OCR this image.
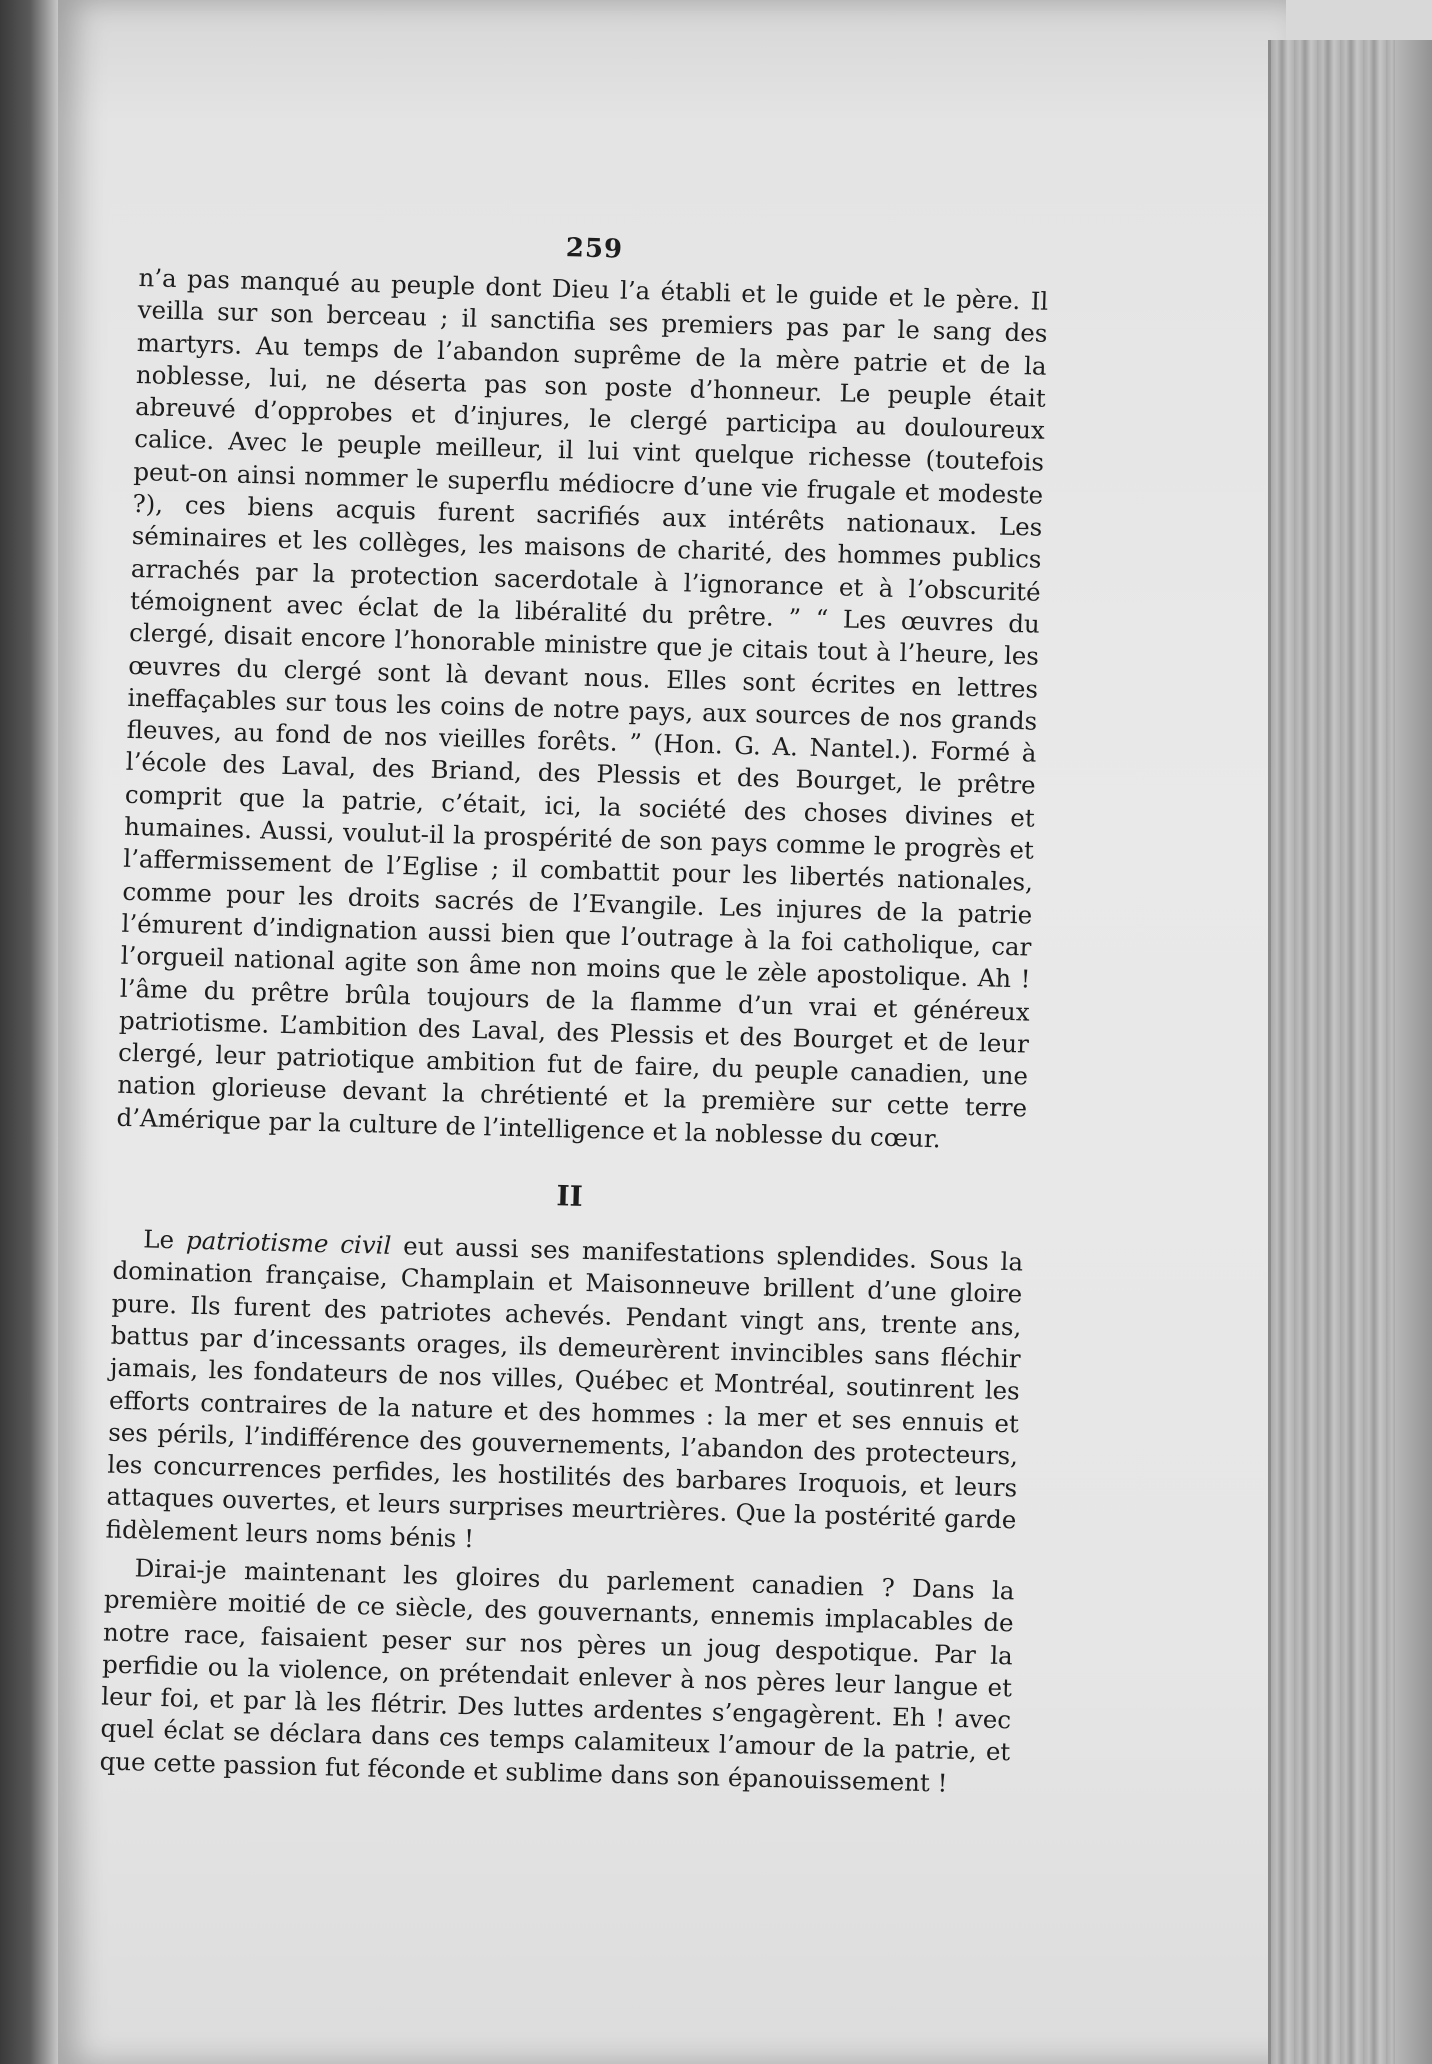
259

n’a pas manqué au peuple dont Dieu l’a établi et le guide et le père. Il veilla sur son berceau ; il sanctifia ses premiers pas par le sang des martyrs. Au temps de l’abandon suprême de la mère patrie et de la noblesse, lui, ne déserta pas son poste d’honneur. Le peuple était abreuvé d’opprobes et d’injures, le clergé participa au douloureux calice. Avec le peuple meilleur, il lui vint quelque richesse (toutefois peut-on ainsi nommer le superflu médiocre d’une vie frugale et modeste ?), ces biens acquis furent sacrifiés aux intérêts nationaux. Les séminaires et les collèges, les maisons de charité, des hommes publics arrachés par la protection sacerdotale à l’ignorance et à l’obscurité témoignent avec éclat de la libéralité du prêtre. ” “ Les œuvres du clergé, disait encore l’honorable ministre que je citais tout à l’heure, les œuvres du clergé sont là devant nous. Elles sont écrites en lettres ineffaçables sur tous les coins de notre pays, aux sources de nos grands fleuves, au fond de nos vieilles forêts. ” (Hon. G. A. Nantel.). Formé à l’école des Laval, des Briand, des Plessis et des Bourget, le prêtre comprit que la patrie, c’était, ici, la société des choses divines et humaines. Aussi, voulut-il la prospérité de son pays comme le progrès et l’affermissement de l’Eglise ; il combattit pour les libertés nationales, comme pour les droits sacrés de l’Evangile. Les injures de la patrie l’émurent d’indignation aussi bien que l’outrage à la foi catholique, car l’orgueil national agite son âme non moins que le zèle apostolique. Ah ! l’âme du prêtre brûla toujours de la flamme d’un vrai et généreux patriotisme. L’ambition des Laval, des Plessis et des Bourget et de leur clergé, leur patriotique ambition fut de faire, du peuple canadien, une nation glorieuse devant la chrétienté et la première sur cette terre d’Amérique par la culture de l’intelligence et la noblesse du cœur.

II

Le patriotisme civil eut aussi ses manifestations splendides. Sous la domination française, Champlain et Maisonneuve brillent d’une gloire pure. Ils furent des patriotes achevés. Pendant vingt ans, trente ans, battus par d’incessants orages, ils demeurèrent invincibles sans fléchir jamais, les fondateurs de nos villes, Québec et Montréal, soutinrent les efforts contraires de la nature et des hommes : la mer et ses ennuis et ses périls, l’indifférence des gouvernements, l’abandon des protecteurs, les concurrences perfides, les hostilités des barbares Iroquois, et leurs attaques ouvertes, et leurs surprises meurtrières. Que la postérité garde fidèlement leurs noms bénis !

Dirai-je maintenant les gloires du parlement canadien ? Dans la première moitié de ce siècle, des gouvernants, ennemis implacables de notre race, faisaient peser sur nos pères un joug despotique. Par la perfidie ou la violence, on prétendait enlever à nos pères leur langue et leur foi, et par là les flétrir. Des luttes ardentes s’engagèrent. Eh ! avec quel éclat se déclara dans ces temps calamiteux l’amour de la patrie, et que cette passion fut féconde et sublime dans son épanouissement !
